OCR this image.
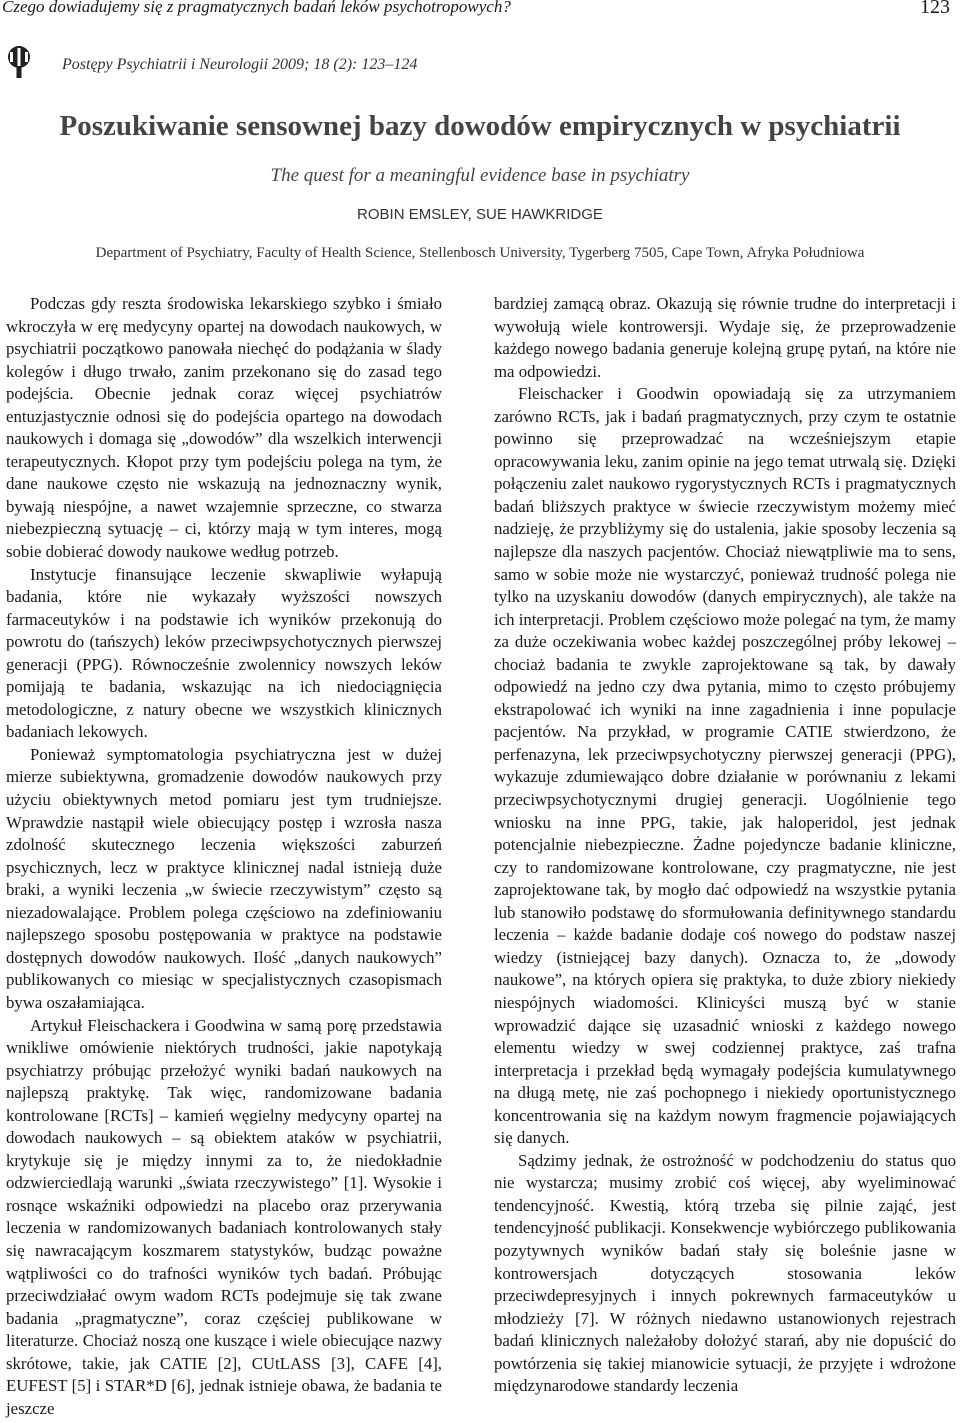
Czego dowiadujemy się z pragmatycznych badań leków psychotropowych?	123
Postępy Psychiatrii i Neurologii 2009; 18 (2): 123–124
Poszukiwanie sensownej bazy dowodów empirycznych w psychiatrii
The quest for a meaningful evidence base in psychiatry
ROBIN EMSLEY, SUE HAWKRIDGE
Department of Psychiatry, Faculty of Health Science, Stellenbosch University, Tygerberg 7505, Cape Town, Afryka Południowa

Podczas gdy reszta środowiska lekarskiego szybko i śmiało wkroczyła w erę medycyny opartej na dowodach naukowych, w psychiatrii początkowo panowała niechęć do podążania w ślady kolegów i długo trwało, zanim przekonano się do zasad tego podejścia. Obecnie jednak coraz więcej psychiatrów entuzjastycznie odnosi się do podejścia opartego na dowodach naukowych i domaga się „dowodów” dla wszelkich interwencji terapeutycznych. Kłopot przy tym podejściu polega na tym, że dane naukowe często nie wskazują na jednoznaczny wynik, bywają niespójne, a nawet wzajemnie sprzeczne, co stwarza niebezpieczną sytuację – ci, którzy mają w tym interes, mogą sobie dobierać dowody naukowe według potrzeb.

Instytucje finansujące leczenie skwapliwie wyłapują badania, które nie wykazały wyższości nowszych farmaceutyków i na podstawie ich wyników przekonują do powrotu do (tańszych) leków przeciwpsychotycznych pierwszej generacji (PPG). Równocześnie zwolennicy nowszych leków pomijają te badania, wskazując na ich niedociągnięcia metodologiczne, z natury obecne we wszystkich klinicznych badaniach lekowych.

Ponieważ symptomatologia psychiatryczna jest w dużej mierze subiektywna, gromadzenie dowodów naukowych przy użyciu obiektywnych metod pomiaru jest tym trudniejsze. Wprawdzie nastąpił wiele obiecujący postęp i wzrosła nasza zdolność skutecznego leczenia większości zaburzeń psychicznych, lecz w praktyce klinicznej nadal istnieją duże braki, a wyniki leczenia „w świecie rzeczywistym” często są niezadowalające. Problem polega częściowo na zdefiniowaniu najlepszego sposobu postępowania w praktyce na podstawie dostępnych dowodów naukowych. Ilość „danych naukowych” publikowanych co miesiąc w specjalistycznych czasopismach bywa oszałamiająca.

Artykuł Fleischackera i Goodwina w samą porę przedstawia wnikliwe omówienie niektórych trudności, jakie napotykają psychiatrzy próbując przełożyć wyniki badań naukowych na najlepszą praktykę. Tak więc, randomizowane badania kontrolowane [RCTs] – kamień węgielny medycyny opartej na dowodach naukowych – są obiektem ataków w psychiatrii, krytykuje się je między innymi za to, że niedokładnie odzwierciedlają warunki „świata rzeczywistego” [1]. Wysokie i rosnące wskaźniki odpowiedzi na placebo oraz przerywania leczenia w randomizowanych badaniach kontrolowanych stały się nawracającym koszmarem statystyków, budząc poważne wątpliwości co do trafności wyników tych badań. Próbując przeciwdziałać owym wadom RCTs podejmuje się tak zwane badania „pragmatyczne”, coraz częściej publikowane w literaturze. Chociaż noszą one kuszące i wiele obiecujące nazwy skrótowe, takie, jak CATIE [2], CUtLASS [3], CAFE [4], EUFEST [5] i STAR*D [6], jednak istnieje obawa, że badania te jeszcze

bardziej zamącą obraz. Okazują się równie trudne do interpretacji i wywołują wiele kontrowersji. Wydaje się, że przeprowadzenie każdego nowego badania generuje kolejną grupę pytań, na które nie ma odpowiedzi.

Fleischacker i Goodwin opowiadają się za utrzymaniem zarówno RCTs, jak i badań pragmatycznych, przy czym te ostatnie powinno się przeprowadzać na wcześniejszym etapie opracowywania leku, zanim opinie na jego temat utrwalą się. Dzięki połączeniu zalet naukowo rygorystycznych RCTs i pragmatycznych badań bliższych praktyce w świecie rzeczywistym możemy mieć nadzieję, że przybliżymy się do ustalenia, jakie sposoby leczenia są najlepsze dla naszych pacjentów. Chociaż niewątpliwie ma to sens, samo w sobie może nie wystarczyć, ponieważ trudność polega nie tylko na uzyskaniu dowodów (danych empirycznych), ale także na ich interpretacji. Problem częściowo może polegać na tym, że mamy za duże oczekiwania wobec każdej poszczególnej próby lekowej – chociaż badania te zwykle zaprojektowane są tak, by dawały odpowiedź na jedno czy dwa pytania, mimo to często próbujemy ekstrapolować ich wyniki na inne zagadnienia i inne populacje pacjentów. Na przykład, w programie CATIE stwierdzono, że perfenazyna, lek przeciwpsychotyczny pierwszej generacji (PPG), wykazuje zdumiewająco dobre działanie w porównaniu z lekami przeciwpsychotycznymi drugiej generacji. Uogólnienie tego wniosku na inne PPG, takie, jak haloperidol, jest jednak potencjalnie niebezpieczne. Żadne pojedyncze badanie kliniczne, czy to randomizowane kontrolowane, czy pragmatyczne, nie jest zaprojektowane tak, by mogło dać odpowiedź na wszystkie pytania lub stanowiło podstawę do sformułowania definitywnego standardu leczenia – każde badanie dodaje coś nowego do podstaw naszej wiedzy (istniejącej bazy danych). Oznacza to, że „dowody naukowe”, na których opiera się praktyka, to duże zbiory niekiedy niespójnych wiadomości. Klinicyści muszą być w stanie wprowadzić dające się uzasadnić wnioski z każdego nowego elementu wiedzy w swej codziennej praktyce, zaś trafna interpretacja i przekład będą wymagały podejścia kumulatywnego na długą metę, nie zaś pochopnego i niekiedy oportunistycznego koncentrowania się na każdym nowym fragmencie pojawiających się danych.

Sądzimy jednak, że ostrożność w podchodzeniu do status quo nie wystarcza; musimy zrobić coś więcej, aby wyeliminować tendencyjność. Kwestią, którą trzeba się pilnie zająć, jest tendencyjność publikacji. Konsekwencje wybiórczego publikowania pozytywnych wyników badań stały się boleśnie jasne w kontrowersjach dotyczących stosowania leków przeciwdepresyjnych i innych pokrewnych farmaceutyków u młodzieży [7]. W różnych niedawno ustanowionych rejestrach badań klinicznych należałoby dołożyć starań, aby nie dopuścić do powtórzenia się takiej mianowicie sytuacji, że przyjęte i wdrożone międzynarodowe standardy leczenia
